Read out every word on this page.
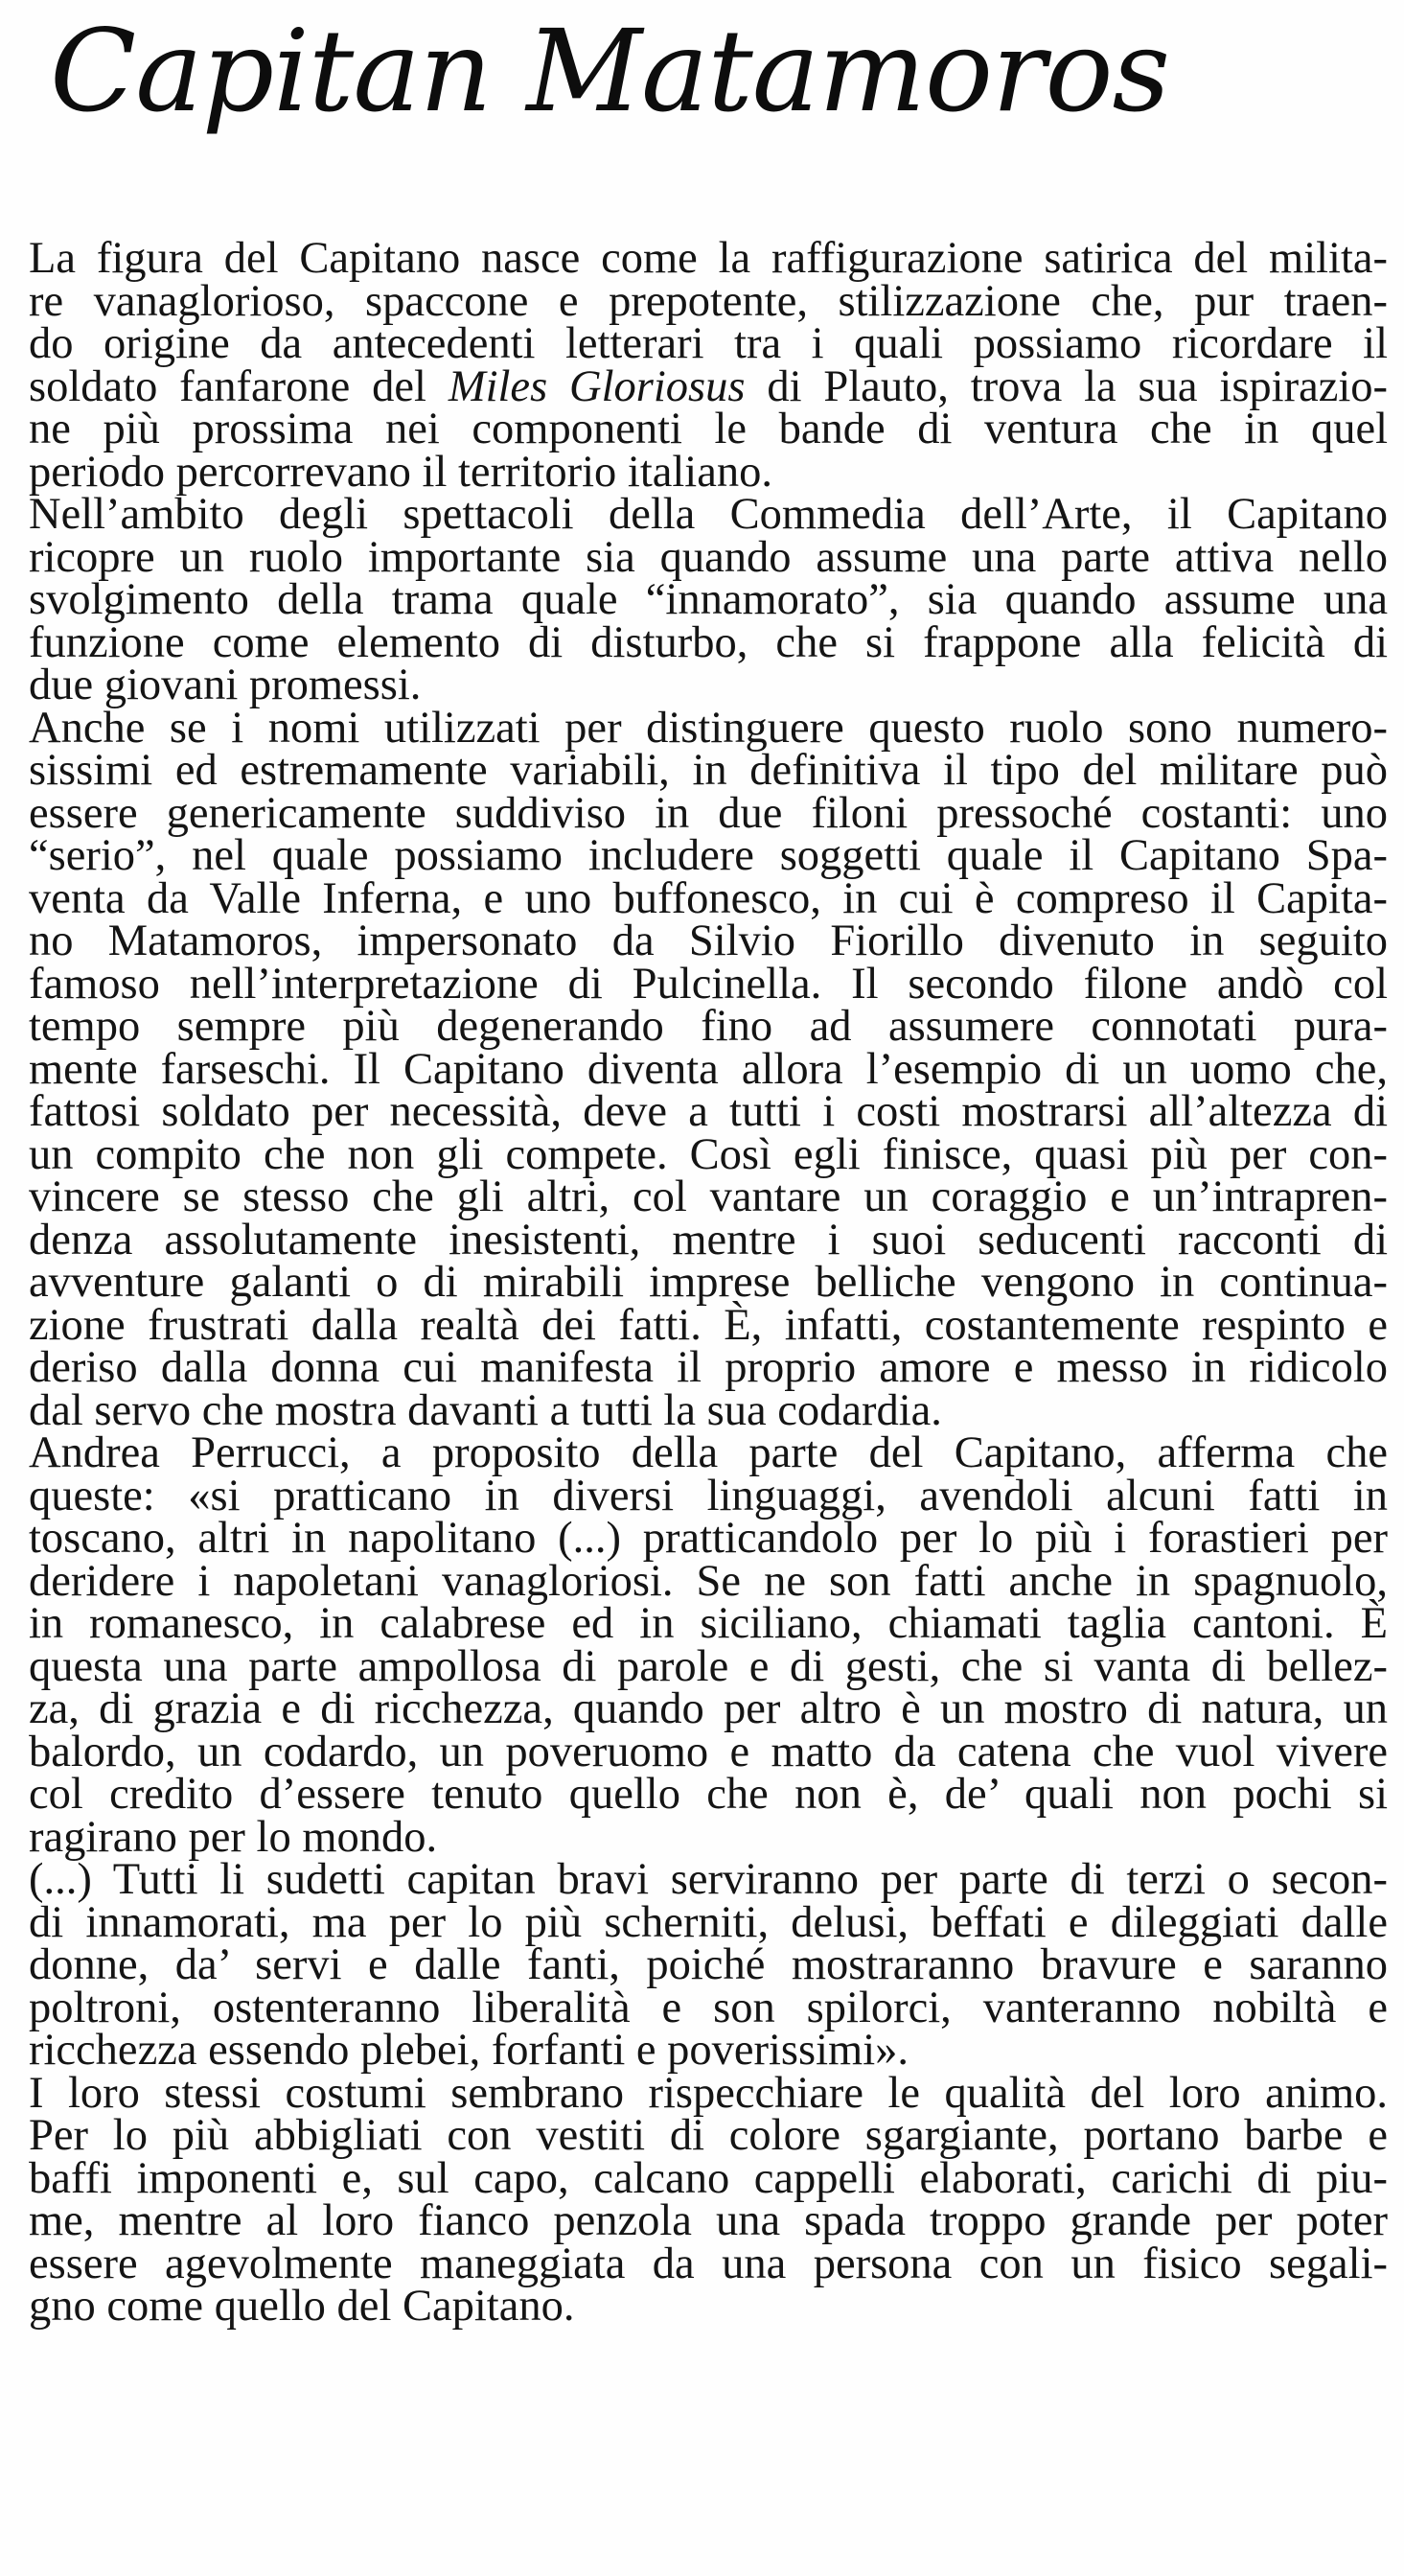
Capitan Matamoros
La figura del Capitano nasce come la raffigurazione satirica del milita-
re vanaglorioso, spaccone e prepotente, stilizzazione che, pur traen-
do origine da antecedenti letterari tra i quali possiamo ricordare il
soldato fanfarone del Miles Gloriosus di Plauto, trova la sua ispirazio-
ne più prossima nei componenti le bande di ventura che in quel
periodo percorrevano il territorio italiano.
Nell’ambito degli spettacoli della Commedia dell’Arte, il Capitano
ricopre un ruolo importante sia quando assume una parte attiva nello
svolgimento della trama quale “innamorato”, sia quando assume una
funzione come elemento di disturbo, che si frappone alla felicità di
due giovani promessi.
Anche se i nomi utilizzati per distinguere questo ruolo sono numero-
sissimi ed estremamente variabili, in definitiva il tipo del militare può
essere genericamente suddiviso in due filoni pressoché costanti: uno
“serio”, nel quale possiamo includere soggetti quale il Capitano Spa-
venta da Valle Inferna, e uno buffonesco, in cui è compreso il Capita-
no Matamoros, impersonato da Silvio Fiorillo divenuto in seguito
famoso nell’interpretazione di Pulcinella. Il secondo filone andò col
tempo sempre più degenerando fino ad assumere connotati pura-
mente farseschi. Il Capitano diventa allora l’esempio di un uomo che,
fattosi soldato per necessità, deve a tutti i costi mostrarsi all’altezza di
un compito che non gli compete. Così egli finisce, quasi più per con-
vincere se stesso che gli altri, col vantare un coraggio e un’intrapren-
denza assolutamente inesistenti, mentre i suoi seducenti racconti di
avventure galanti o di mirabili imprese belliche vengono in continua-
zione frustrati dalla realtà dei fatti. È, infatti, costantemente respinto e
deriso dalla donna cui manifesta il proprio amore e messo in ridicolo
dal servo che mostra davanti a tutti la sua codardia.
Andrea Perrucci, a proposito della parte del Capitano, afferma che
queste: «si pratticano in diversi linguaggi, avendoli alcuni fatti in
toscano, altri in napolitano (...) pratticandolo per lo più i forastieri per
deridere i napoletani vanagloriosi. Se ne son fatti anche in spagnuolo,
in romanesco, in calabrese ed in siciliano, chiamati taglia cantoni. È
questa una parte ampollosa di parole e di gesti, che si vanta di bellez-
za, di grazia e di ricchezza, quando per altro è un mostro di natura, un
balordo, un codardo, un poveruomo e matto da catena che vuol vivere
col credito d’essere tenuto quello che non è, de’ quali non pochi si
ragirano per lo mondo.
(...) Tutti li sudetti capitan bravi serviranno per parte di terzi o secon-
di innamorati, ma per lo più scherniti, delusi, beffati e dileggiati dalle
donne, da’ servi e dalle fanti, poiché mostraranno bravure e saranno
poltroni, ostenteranno liberalità e son spilorci, vanteranno nobiltà e
ricchezza essendo plebei, forfanti e poverissimi».
I loro stessi costumi sembrano rispecchiare le qualità del loro animo.
Per lo più abbigliati con vestiti di colore sgargiante, portano barbe e
baffi imponenti e, sul capo, calcano cappelli elaborati, carichi di piu-
me, mentre al loro fianco penzola una spada troppo grande per poter
essere agevolmente maneggiata da una persona con un fisico segali-
gno come quello del Capitano.
